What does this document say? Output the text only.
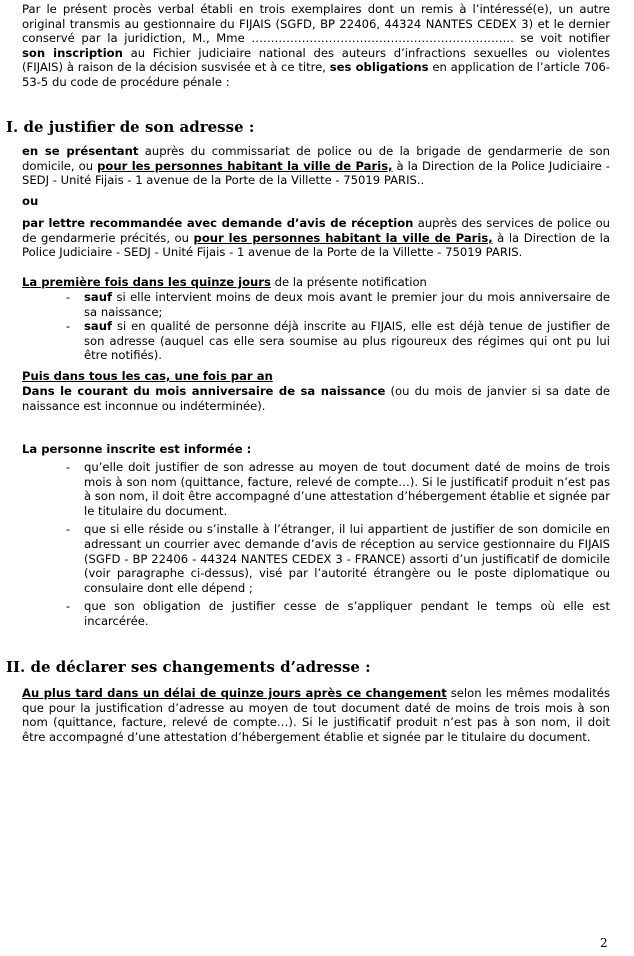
Par le présent procès verbal établi en trois exemplaires dont un remis à l’intéressé(e), un autre original transmis au gestionnaire du FIJAIS (SGFD, BP 22406, 44324 NANTES CEDEX 3) et le dernier conservé par la juridiction, M., Mme ………………………………………………………….. se voit notifier son inscription au Fichier judiciaire national des auteurs d’infractions sexuelles ou violentes (FIJAIS) à raison de la décision susvisée et à ce titre, ses obligations en application de l’article 706-53-5 du code de procédure pénale :

I. de justifier de son adresse :

en se présentant auprès du commissariat de police ou de la brigade de gendarmerie de son domicile, ou pour les personnes habitant la ville de Paris, à la Direction de la Police Judiciaire - SEDJ - Unité Fijais - 1 avenue de la Porte de la Villette - 75019 PARIS..

ou

par lettre recommandée avec demande d’avis de réception auprès des services de police ou de gendarmerie précités, ou pour les personnes habitant la ville de Paris, à la Direction de la Police Judiciaire - SEDJ - Unité Fijais - 1 avenue de la Porte de la Villette - 75019 PARIS.

La première fois dans les quinze jours de la présente notification

- sauf si elle intervient moins de deux mois avant le premier jour du mois anniversaire de sa naissance;
- sauf si en qualité de personne déjà inscrite au FIJAIS, elle est déjà tenue de justifier de son adresse (auquel cas elle sera soumise au plus rigoureux des régimes qui ont pu lui être notifiés).

Puis dans tous les cas, une fois par an

Dans le courant du mois anniversaire de sa naissance (ou du mois de janvier si sa date de naissance est inconnue ou indéterminée).

La personne inscrite est informée :

- qu’elle doit justifier de son adresse au moyen de tout document daté de moins de trois mois à son nom (quittance, facture, relevé de compte…). Si le justificatif produit n’est pas à son nom, il doit être accompagné d’une attestation d’hébergement établie et signée par le titulaire du document.
- que si elle réside ou s’installe à l’étranger, il lui appartient de justifier de son domicile en adressant un courrier avec demande d’avis de réception au service gestionnaire du FIJAIS (SGFD - BP 22406 - 44324 NANTES CEDEX 3 - FRANCE) assorti d’un justificatif de domicile (voir paragraphe ci-dessus), visé par l’autorité étrangère ou le poste diplomatique ou consulaire dont elle dépend ;
- que son obligation de justifier cesse de s’appliquer pendant le temps où elle est incarcérée.
II. de déclarer ses changements d’adresse :

Au plus tard dans un délai de quinze jours après ce changement selon les mêmes modalités que pour la justification d’adresse au moyen de tout document daté de moins de trois mois à son nom (quittance, facture, relevé de compte…). Si le justificatif produit n’est pas à son nom, il doit être accompagné d’une attestation d’hébergement établie et signée par le titulaire du document.

2
